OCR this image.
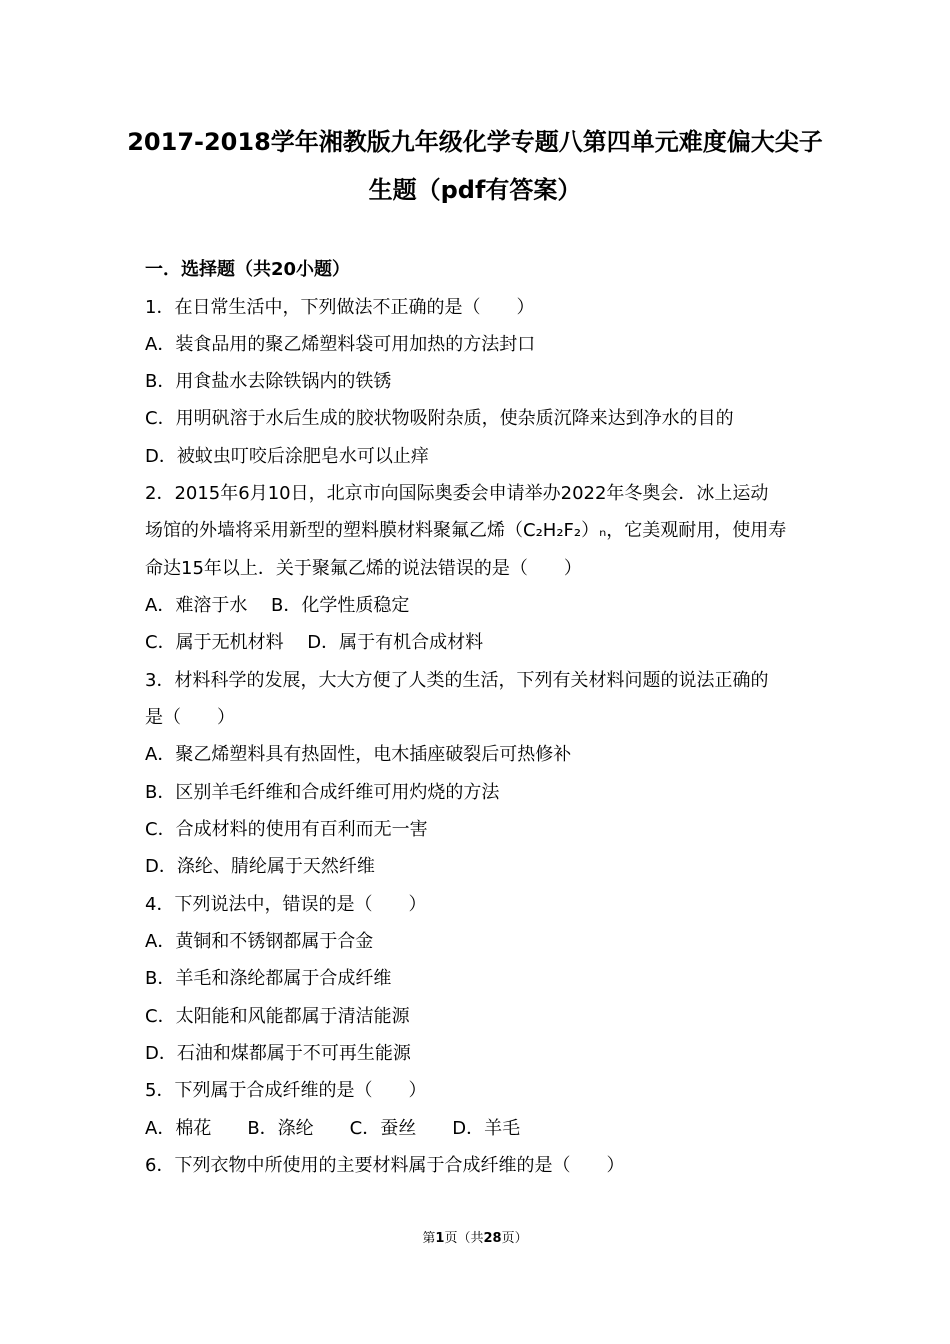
2017-2018学年湘教版九年级化学专题八第四单元难度偏大尖子
生题（pdf有答案）
一．选择题（共20小题）
1．在日常生活中，下列做法不正确的是（　　）
A．装食品用的聚乙烯塑料袋可用加热的方法封口
B．用食盐水去除铁锅内的铁锈
C．用明矾溶于水后生成的胶状物吸附杂质，使杂质沉降来达到净水的目的
D．被蚊虫叮咬后涂肥皂水可以止痒
2．2015年6月10日，北京市向国际奥委会申请举办2022年冬奥会．冰上运动
场馆的外墙将采用新型的塑料膜材料聚氟乙烯（C₂H₂F₂）ₙ，它美观耐用，使用寿
命达15年以上．关于聚氟乙烯的说法错误的是（　　）
A．难溶于水　 B．化学性质稳定
C．属于无机材料　 D．属于有机合成材料
3．材料科学的发展，大大方便了人类的生活，下列有关材料问题的说法正确的
是（　　）
A．聚乙烯塑料具有热固性，电木插座破裂后可热修补
B．区别羊毛纤维和合成纤维可用灼烧的方法
C．合成材料的使用有百利而无一害
D．涤纶、腈纶属于天然纤维
4．下列说法中，错误的是（　　）
A．黄铜和不锈钢都属于合金
B．羊毛和涤纶都属于合成纤维
C．太阳能和风能都属于清洁能源
D．石油和煤都属于不可再生能源
5．下列属于合成纤维的是（　　）
A．棉花　　B．涤纶　　C．蚕丝　　D．羊毛
6．下列衣物中所使用的主要材料属于合成纤维的是（　　）
第1页（共28页）
